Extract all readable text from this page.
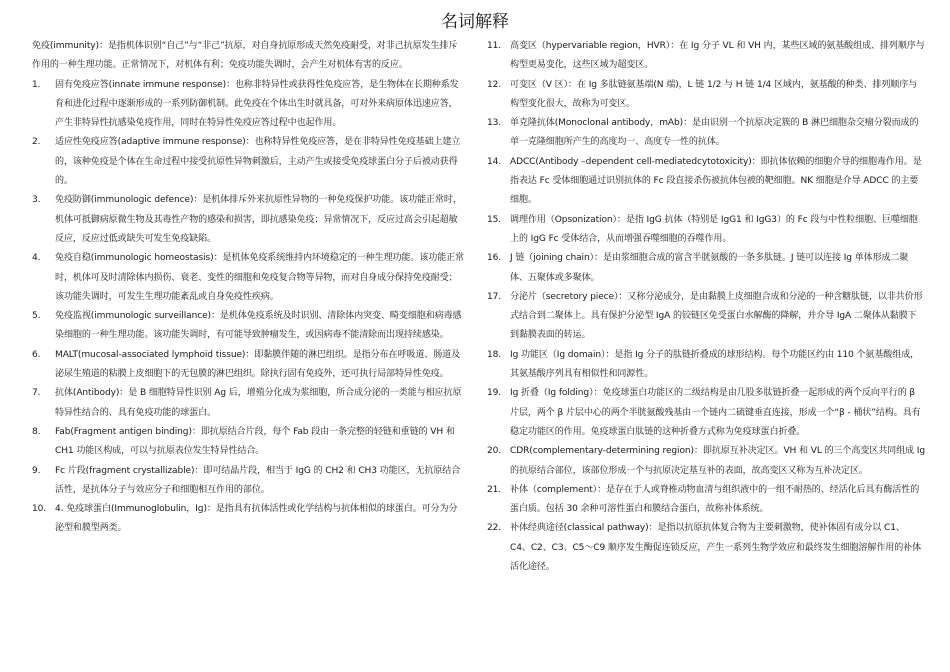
名词解释

免疫(immunity)：是指机体识别“自己”与“非己”抗原，对自身抗原形成天然免疫耐受，对非己抗原发生排斥作用的一种生理功能。正常情况下，对机体有利；免疫功能失调时，会产生对机体有害的反应。

1.	固有免疫应答(innate immune response)：也称非特异性或获得性免疫应答，是生物体在长期种系发育和进化过程中逐渐形成的一系列防御机制。此免疫在个体出生时就具备，可对外来病原体迅速应答，产生非特异性抗感染免疫作用，同时在特异性免疫应答过程中也起作用。
2.	适应性免疫应答(adaptive immune response)：也称特异性免疫应答，是在非特异性免疫基础上建立的，该种免疫是个体在生命过程中接受抗原性异物刺激后，主动产生或接受免疫球蛋白分子后被动获得的。
3.	免疫防御(immunologic defence)：是机体排斥外来抗原性异物的一种免疫保护功能。该功能正常时，机体可抵御病原微生物及其毒性产物的感染和损害，即抗感染免疫；异常情况下，反应过高会引起超敏反应，反应过低或缺失可发生免疫缺陷。
4.	免疫自稳(immunologic homeostasis)：是机体免疫系统维持内环境稳定的一种生理功能。该功能正常时，机体可及时清除体内损伤、衰老、变性的细胞和免疫复合物等异物，而对自身成分保持免疫耐受；该功能失调时，可发生生理功能紊乱或自身免疫性疾病。
5.	免疫监视(immunologic surveillance)：是机体免疫系统及时识别、清除体内突变、畸变细胞和病毒感染细胞的一种生理功能。该功能失调时，有可能导致肿瘤发生，或因病毒不能清除而出现持续感染。
6.	MALT(mucosal-associated lymphoid tissue)：即黏膜伴随的淋巴组织。是指分布在呼吸道、肠道及泌尿生殖道的粘膜上皮细胞下的无包膜的淋巴组织。除执行固有免疫外，还可执行局部特异性免疫。
7.	抗体(Antibody)：是 B 细胞特异性识别 Ag 后，增殖分化成为浆细胞，所合成分泌的一类能与相应抗原特异性结合的、具有免疫功能的球蛋白。
8.	Fab(Fragment antigen binding)：即抗原结合片段，每个 Fab 段由一条完整的轻链和重链的 VH 和 CH1 功能区构成，可以与抗原表位发生特异性结合。
9.	Fc 片段(fragment crystallizable)：即可结晶片段，相当于 IgG 的 CH2 和 CH3 功能区，无抗原结合活性，是抗体分子与效应分子和细胞相互作用的部位。
10. 4. 免疫球蛋白(Immunoglobulin，Ig)：是指具有抗体活性或化学结构与抗体相似的球蛋白。可分为分泌型和膜型两类。
11. 高变区（hypervariable region，HVR）：在 Ig 分子 VL 和 VH 内，某些区域的氨基酸组成、排列顺序与构型更易变化，这些区域为超变区。
12. 可变区（V 区）：在 Ig 多肽链氨基端(N 端)，L 链 1/2 与 H 链 1/4 区域内，氨基酸的种类、排列顺序与构型变化很大，故称为可变区。
13. 单克隆抗体(Monoclonal antibody，mAb)：是由识别一个抗原决定簇的 B 淋巴细胞杂交瘤分裂而成的单一克隆细胞所产生的高度均一、高度专一性的抗体。
14. ADCC(Antibody –dependent cell-mediatedcytotoxicity)：即抗体依赖的细胞介导的细胞毒作用。是指表达 Fc 受体细胞通过识别抗体的 Fc 段直接杀伤被抗体包被的靶细胞。NK 细胞是介导 ADCC 的主要细胞。
15. 调理作用（Opsonization）：是指 IgG 抗体（特别是 IgG1 和 IgG3）的 Fc 段与中性粒细胞、巨噬细胞上的 IgG Fc 受体结合，从而增强吞噬细胞的吞噬作用。
16. J 链（joining chain）：是由浆细胞合成的富含半胱氨酸的一条多肽链。J 链可以连接 Ig 单体形成二聚体、五聚体或多聚体。
17. 分泌片（secretory piece）：又称分泌成分，是由黏膜上皮细胞合成和分泌的一种含糖肽链，以非共价形式结合到二聚体上。具有保护分泌型 IgA 的铰链区免受蛋白水解酶的降解，并介导 IgA 二聚体从黏膜下到黏膜表面的转运。
18. Ig 功能区（Ig domain）：是指 Ig 分子的肽链折叠成的球形结构。每个功能区约由 110 个氨基酸组成，其氨基酸序列具有相似性和同源性。
19. Ig 折叠（Ig folding）：免疫球蛋白功能区的二级结构是由几股多肽链折叠一起形成的两个反向平行的 β 片层，两个 β 片层中心的两个半胱氨酸残基由一个链内二硫键垂直连接，形成一个“β - 桶状”结构。具有稳定功能区的作用。免疫球蛋白肽链的这种折叠方式称为免疫球蛋白折叠。
20. CDR(complementary-determining region)：即抗原互补决定区。VH 和 VL 的三个高变区共同组成 Ig 的抗原结合部位，该部位形成一个与抗原决定基互补的表面，故高变区又称为互补决定区。
21. 补体（complement）：是存在于人或脊椎动物血清与组织液中的一组不耐热的、经活化后具有酶活性的蛋白质。包括 30 余种可溶性蛋白和膜结合蛋白，故称补体系统。
22. 补体经典途径(classical pathway)：是指以抗原抗体复合物为主要刺激物，使补体固有成分以 C1、C4、C2、C3、C5～C9 顺序发生酶促连锁反应，产生一系列生物学效应和最终发生细胞溶解作用的补体活化途径。
